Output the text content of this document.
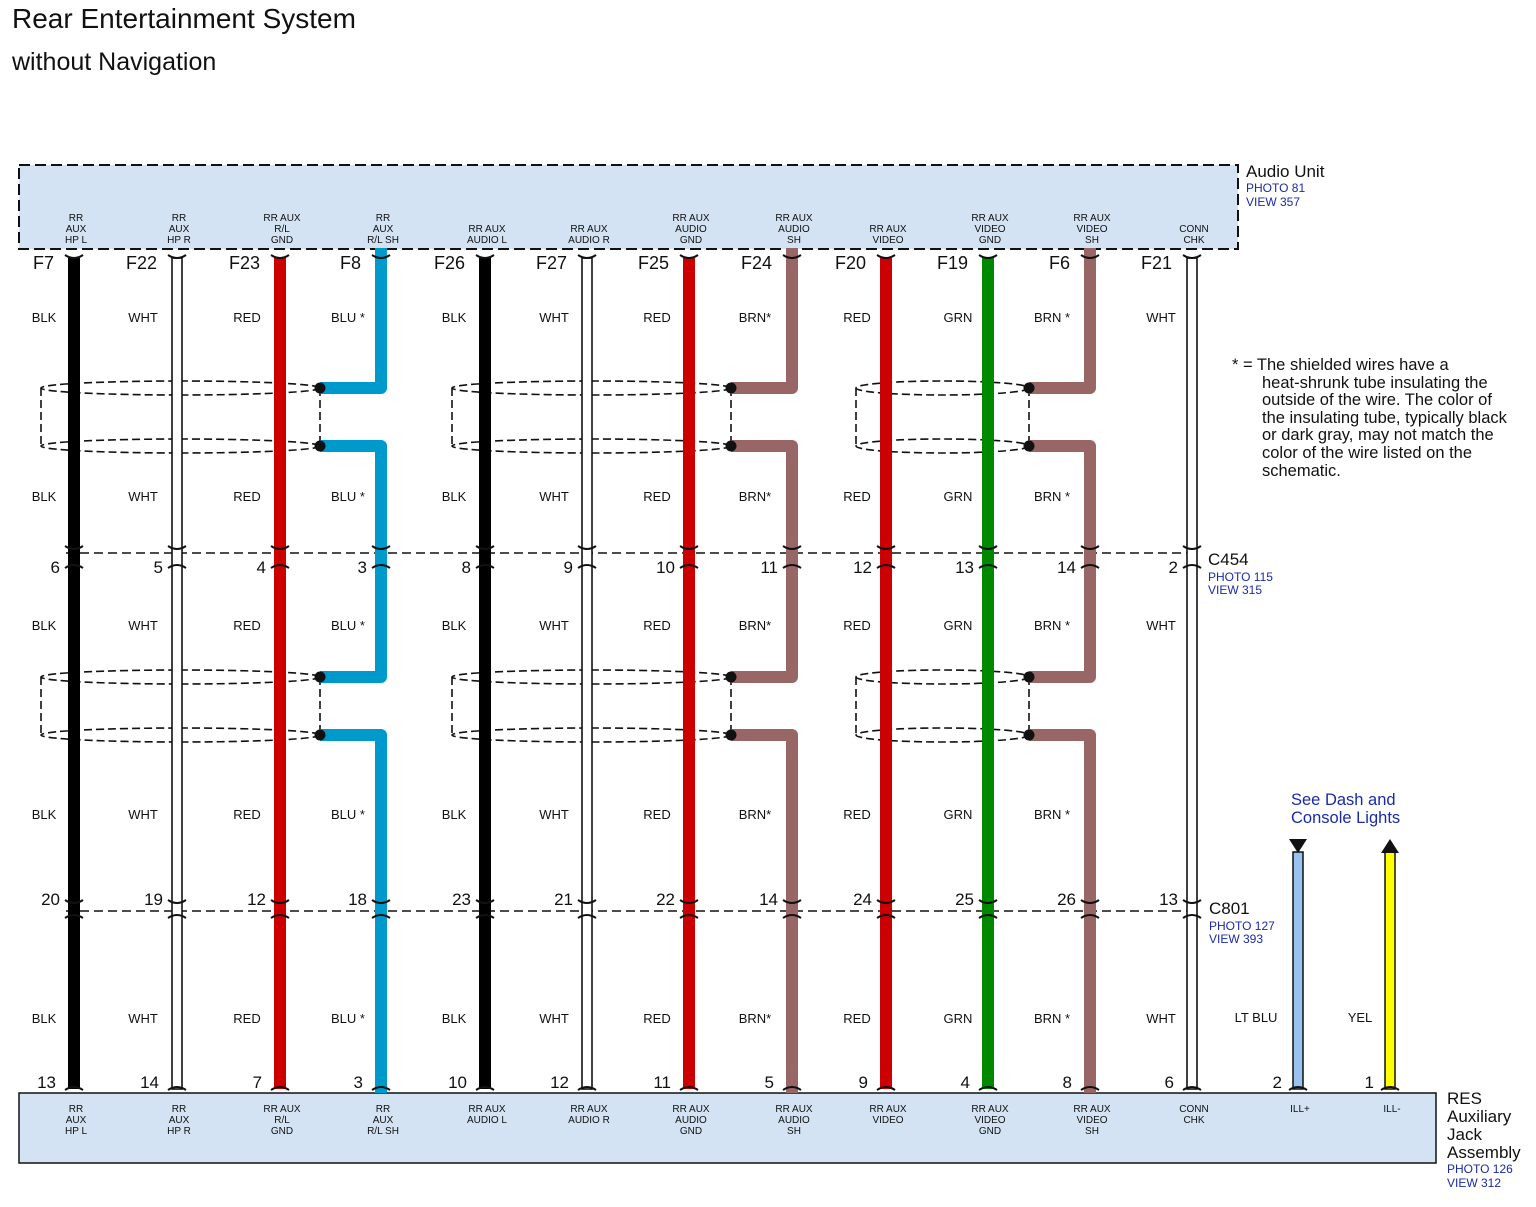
Rear Entertainment System
without Navigation
F7
6
20
13
RR
AUX
HP L
RR
AUX
HP L
BLK
BLK
BLK
BLK
BLK
F22
5
19
14
RR
AUX
HP R
RR
AUX
HP R
WHT
WHT
WHT
WHT
WHT
F23
4
12
7
RR AUX
R/L
GND
RR AUX
R/L
GND
RED
RED
RED
RED
RED
F8
3
18
3
RR
AUX
R/L SH
RR
AUX
R/L SH
BLU *
BLU *
BLU *
BLU *
BLU *
F26
8
23
10
RR AUX
AUDIO L
RR AUX
AUDIO L
BLK
BLK
BLK
BLK
BLK
F27
9
21
12
RR AUX
AUDIO R
RR AUX
AUDIO R
WHT
WHT
WHT
WHT
WHT
F25
10
22
11
RR AUX
AUDIO
GND
RR AUX
AUDIO
GND
RED
RED
RED
RED
RED
F24
11
14
5
RR AUX
AUDIO
SH
RR AUX
AUDIO
SH
BRN*
BRN*
BRN*
BRN*
BRN*
F20
12
24
9
RR AUX
VIDEO
RR AUX
VIDEO
RED
RED
RED
RED
RED
F19
13
25
4
RR AUX
VIDEO
GND
RR AUX
VIDEO
GND
GRN
GRN
GRN
GRN
GRN
F6
14
26
8
RR AUX
VIDEO
SH
RR AUX
VIDEO
SH
BRN *
BRN *
BRN *
BRN *
BRN *
F21
2
13
6
CONN
CHK
CONN
CHK
WHT
WHT
WHT
2
ILL+
LT BLU
1
ILL-
YEL
See Dash and
Console Lights
Audio Unit
PHOTO 81
VIEW 357
C454
PHOTO 115
VIEW 315
C801
PHOTO 127
VIEW 393
RES
Auxiliary
Jack
Assembly
PHOTO 126
VIEW 312
* = The shielded wires have a
heat-shrunk tube insulating the
outside of the wire. The color of
the insulating tube, typically black
or dark gray, may not match the
color of the wire listed on the
schematic.
